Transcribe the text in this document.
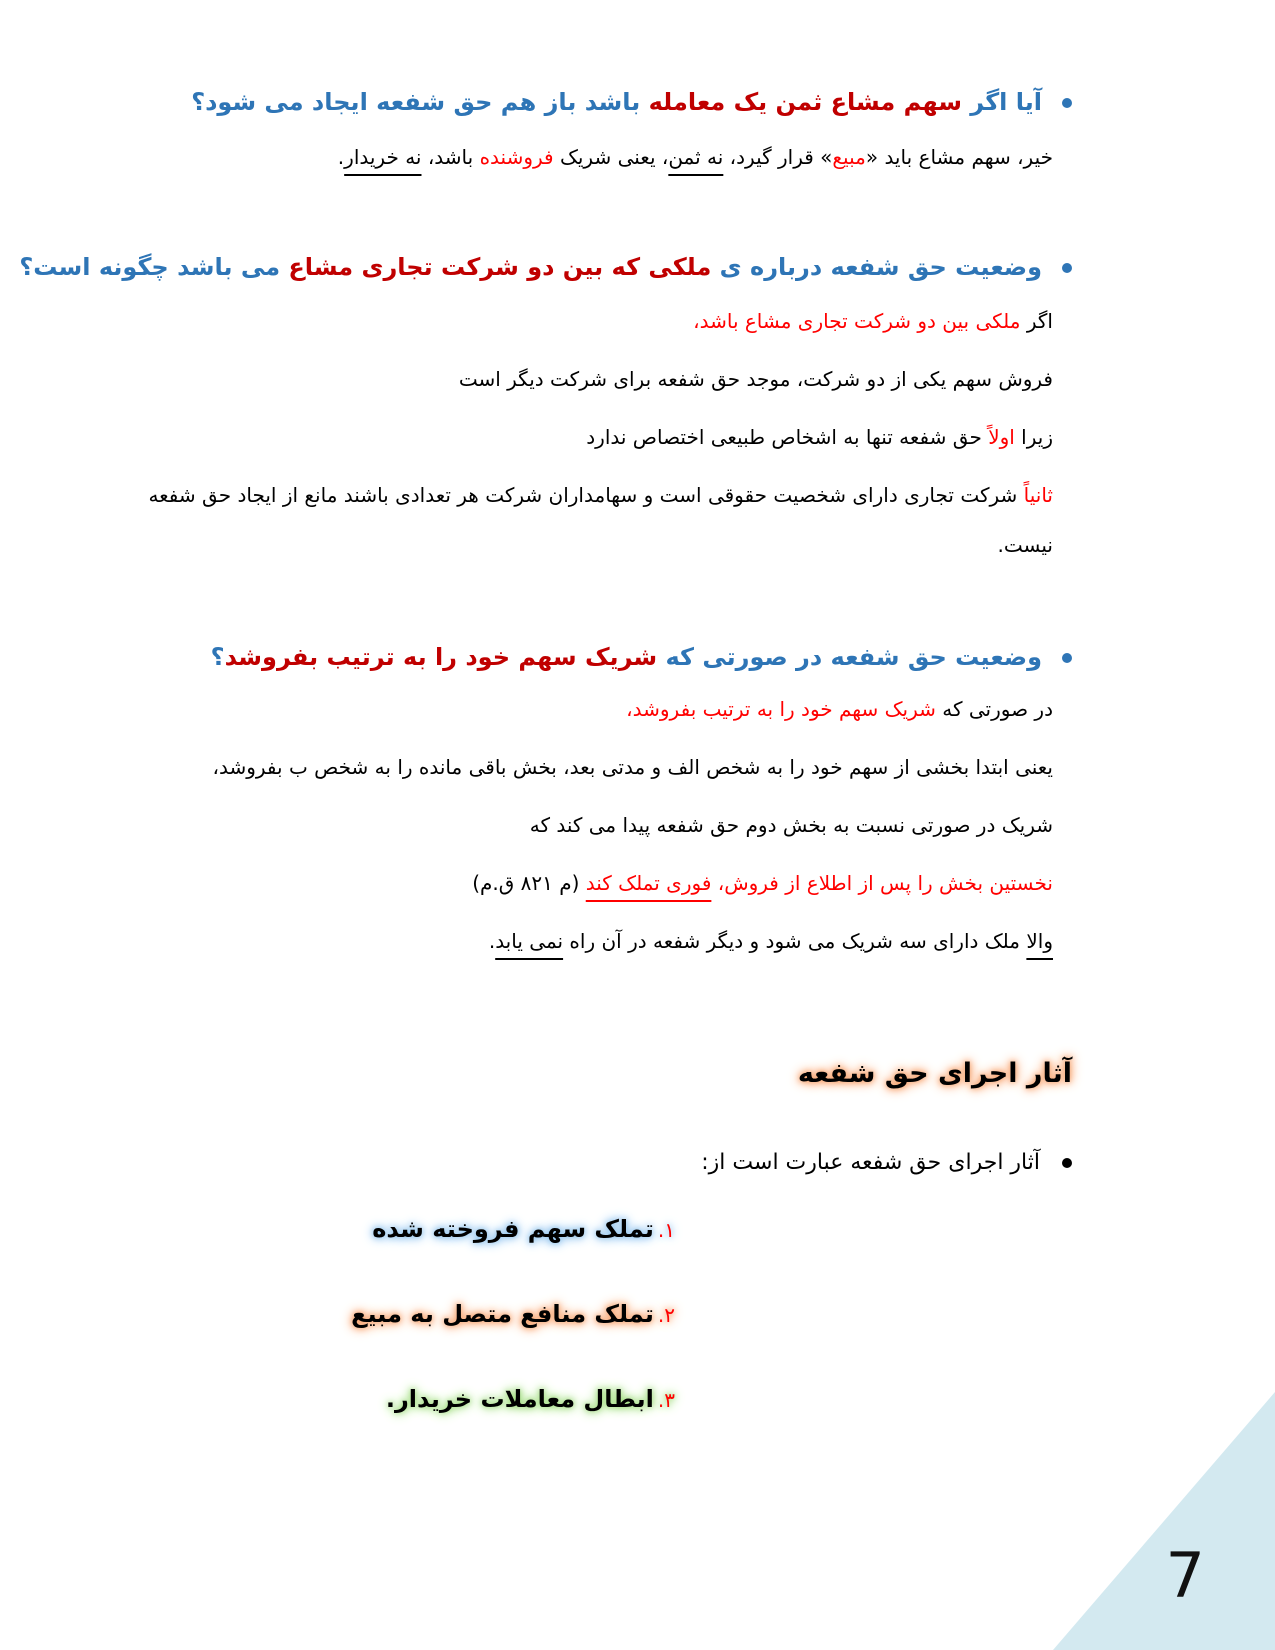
آیا اگر سهم مشاع ثمن یک معامله باشد باز هم حق شفعه ایجاد می شود؟
خیر، سهم مشاع باید «مبیع» قرار گیرد، نه ثمن، یعنی شریک فروشنده باشد، نه خریدار.
وضعیت حق شفعه درباره ی ملکی که بین دو شرکت تجاری مشاع می باشد چگونه است؟
اگر ملکی بین دو شرکت تجاری مشاع باشد،
فروش سهم یکی از دو شرکت، موجد حق شفعه برای شرکت دیگر است
زیرا اولاً حق شفعه تنها به اشخاص طبیعی اختصاص ندارد
ثانیاً شرکت تجاری دارای شخصیت حقوقی است و سهامداران شرکت هر تعدادی باشند مانع از ایجاد حق شفعه نیست.
وضعیت حق شفعه در صورتی که شریک سهم خود را به ترتیب بفروشد؟
در صورتی که شریک سهم خود را به ترتیب بفروشد،
یعنی ابتدا بخشی از سهم خود را به شخص الف و مدتی بعد، بخش باقی مانده را به شخص ب بفروشد،
شریک در صورتی نسبت به بخش دوم حق شفعه پیدا می کند که
نخستین بخش را پس از اطلاع از فروش، فوری تملک کند (م ۸۲۱ ق.م)
والا ملک دارای سه شریک می شود و دیگر شفعه در آن راه نمی یابد.
آثار اجرای حق شفعه
آثار اجرای حق شفعه عبارت است از:
۱.تملک سهم فروخته شده
۲.تملک منافع متصل به مبیع
۳.ابطال معاملات خریدار.
7
